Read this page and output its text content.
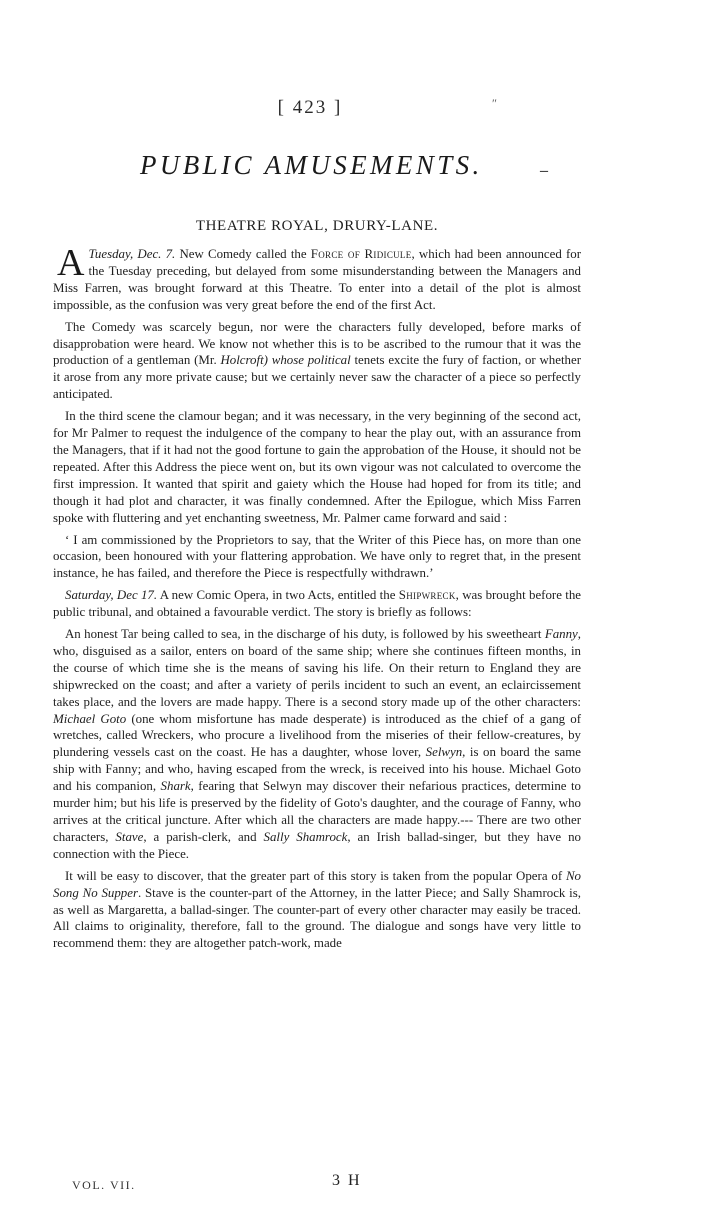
[ 423 ]	″
PUBLIC AMUSEMENTS.	–
THEATRE ROYAL, DRURY-LANE.

Tuesday, Dec. 7.
A	New Comedy called the Force of Ridicule, which had been announced for the Tuesday preceding, but delayed from some misunderstanding between the Managers and Miss Farren, was brought forward at this Theatre. To enter into a detail of the plot is almost impossible, as the confusion was very great before the end of the first Act.

The Comedy was scarcely begun, nor were the characters fully developed, before marks of disapprobation were heard. We know not whether this is to be ascribed to the rumour that it was the production of a gentleman (Mr. Holcroft) whose political tenets excite the fury of faction, or whether it arose from any more private cause; but we certainly never saw the character of a piece so perfectly anticipated.

In the third scene the clamour began; and it was necessary, in the very beginning of the second act, for Mr Palmer to request the indulgence of the company to hear the play out, with an assurance from the Managers, that if it had not the good fortune to gain the approbation of the House, it should not be repeated. After this Address the piece went on, but its own vigour was not calculated to overcome the first impression. It wanted that spirit and gaiety which the House had hoped for from its title; and though it had plot and character, it was finally condemned. After the Epilogue, which Miss Farren spoke with fluttering and yet enchanting sweetness, Mr. Palmer came forward and said :

‘ I am commissioned by the Proprietors to say, that the Writer of this Piece has, on more than one occasion, been honoured with your flattering approbation. We have only to regret that, in the present instance, he has failed, and therefore the Piece is respectfully withdrawn.’

Saturday, Dec 17. A new Comic Opera, in two Acts, entitled the Shipwreck, was brought before the public tribunal, and obtained a favourable verdict. The story is briefly as follows:

An honest Tar being called to sea, in the discharge of his duty, is followed by his sweetheart Fanny, who, disguised as a sailor, enters on board of the same ship; where she continues fifteen months, in the course of which time she is the means of saving his life. On their return to England they are shipwrecked on the coast; and after a variety of perils incident to such an event, an eclaircissement takes place, and the lovers are made happy. There is a second story made up of the other characters: Michael Goto (one whom misfortune has made desperate) is introduced as the chief of a gang of wretches, called Wreckers, who procure a livelihood from the miseries of their fellow-creatures, by plundering vessels cast on the coast. He has a daughter, whose lover, Selwyn, is on board the same ship with Fanny; and who, having escaped from the wreck, is received into his house. Michael Goto and his companion, Shark, fearing that Selwyn may discover their nefarious practices, determine to murder him; but his life is preserved by the fidelity of Goto's daughter, and the courage of Fanny, who arrives at the critical juncture. After which all the characters are made happy.--- There are two other characters, Stave, a parish-clerk, and Sally Shamrock, an Irish ballad-singer, but they have no connection with the Piece.

It will be easy to discover, that the greater part of this story is taken from the popular Opera of No Song No Supper. Stave is the counter-part of the Attorney, in the latter Piece; and Sally Shamrock is, as well as Margaretta, a ballad-singer. The counter-part of every other character may easily be traced. All claims to originality, therefore, fall to the ground. The dialogue and songs have very little to recommend them: they are altogether patch-work, made

VOL. VII.	3 H
